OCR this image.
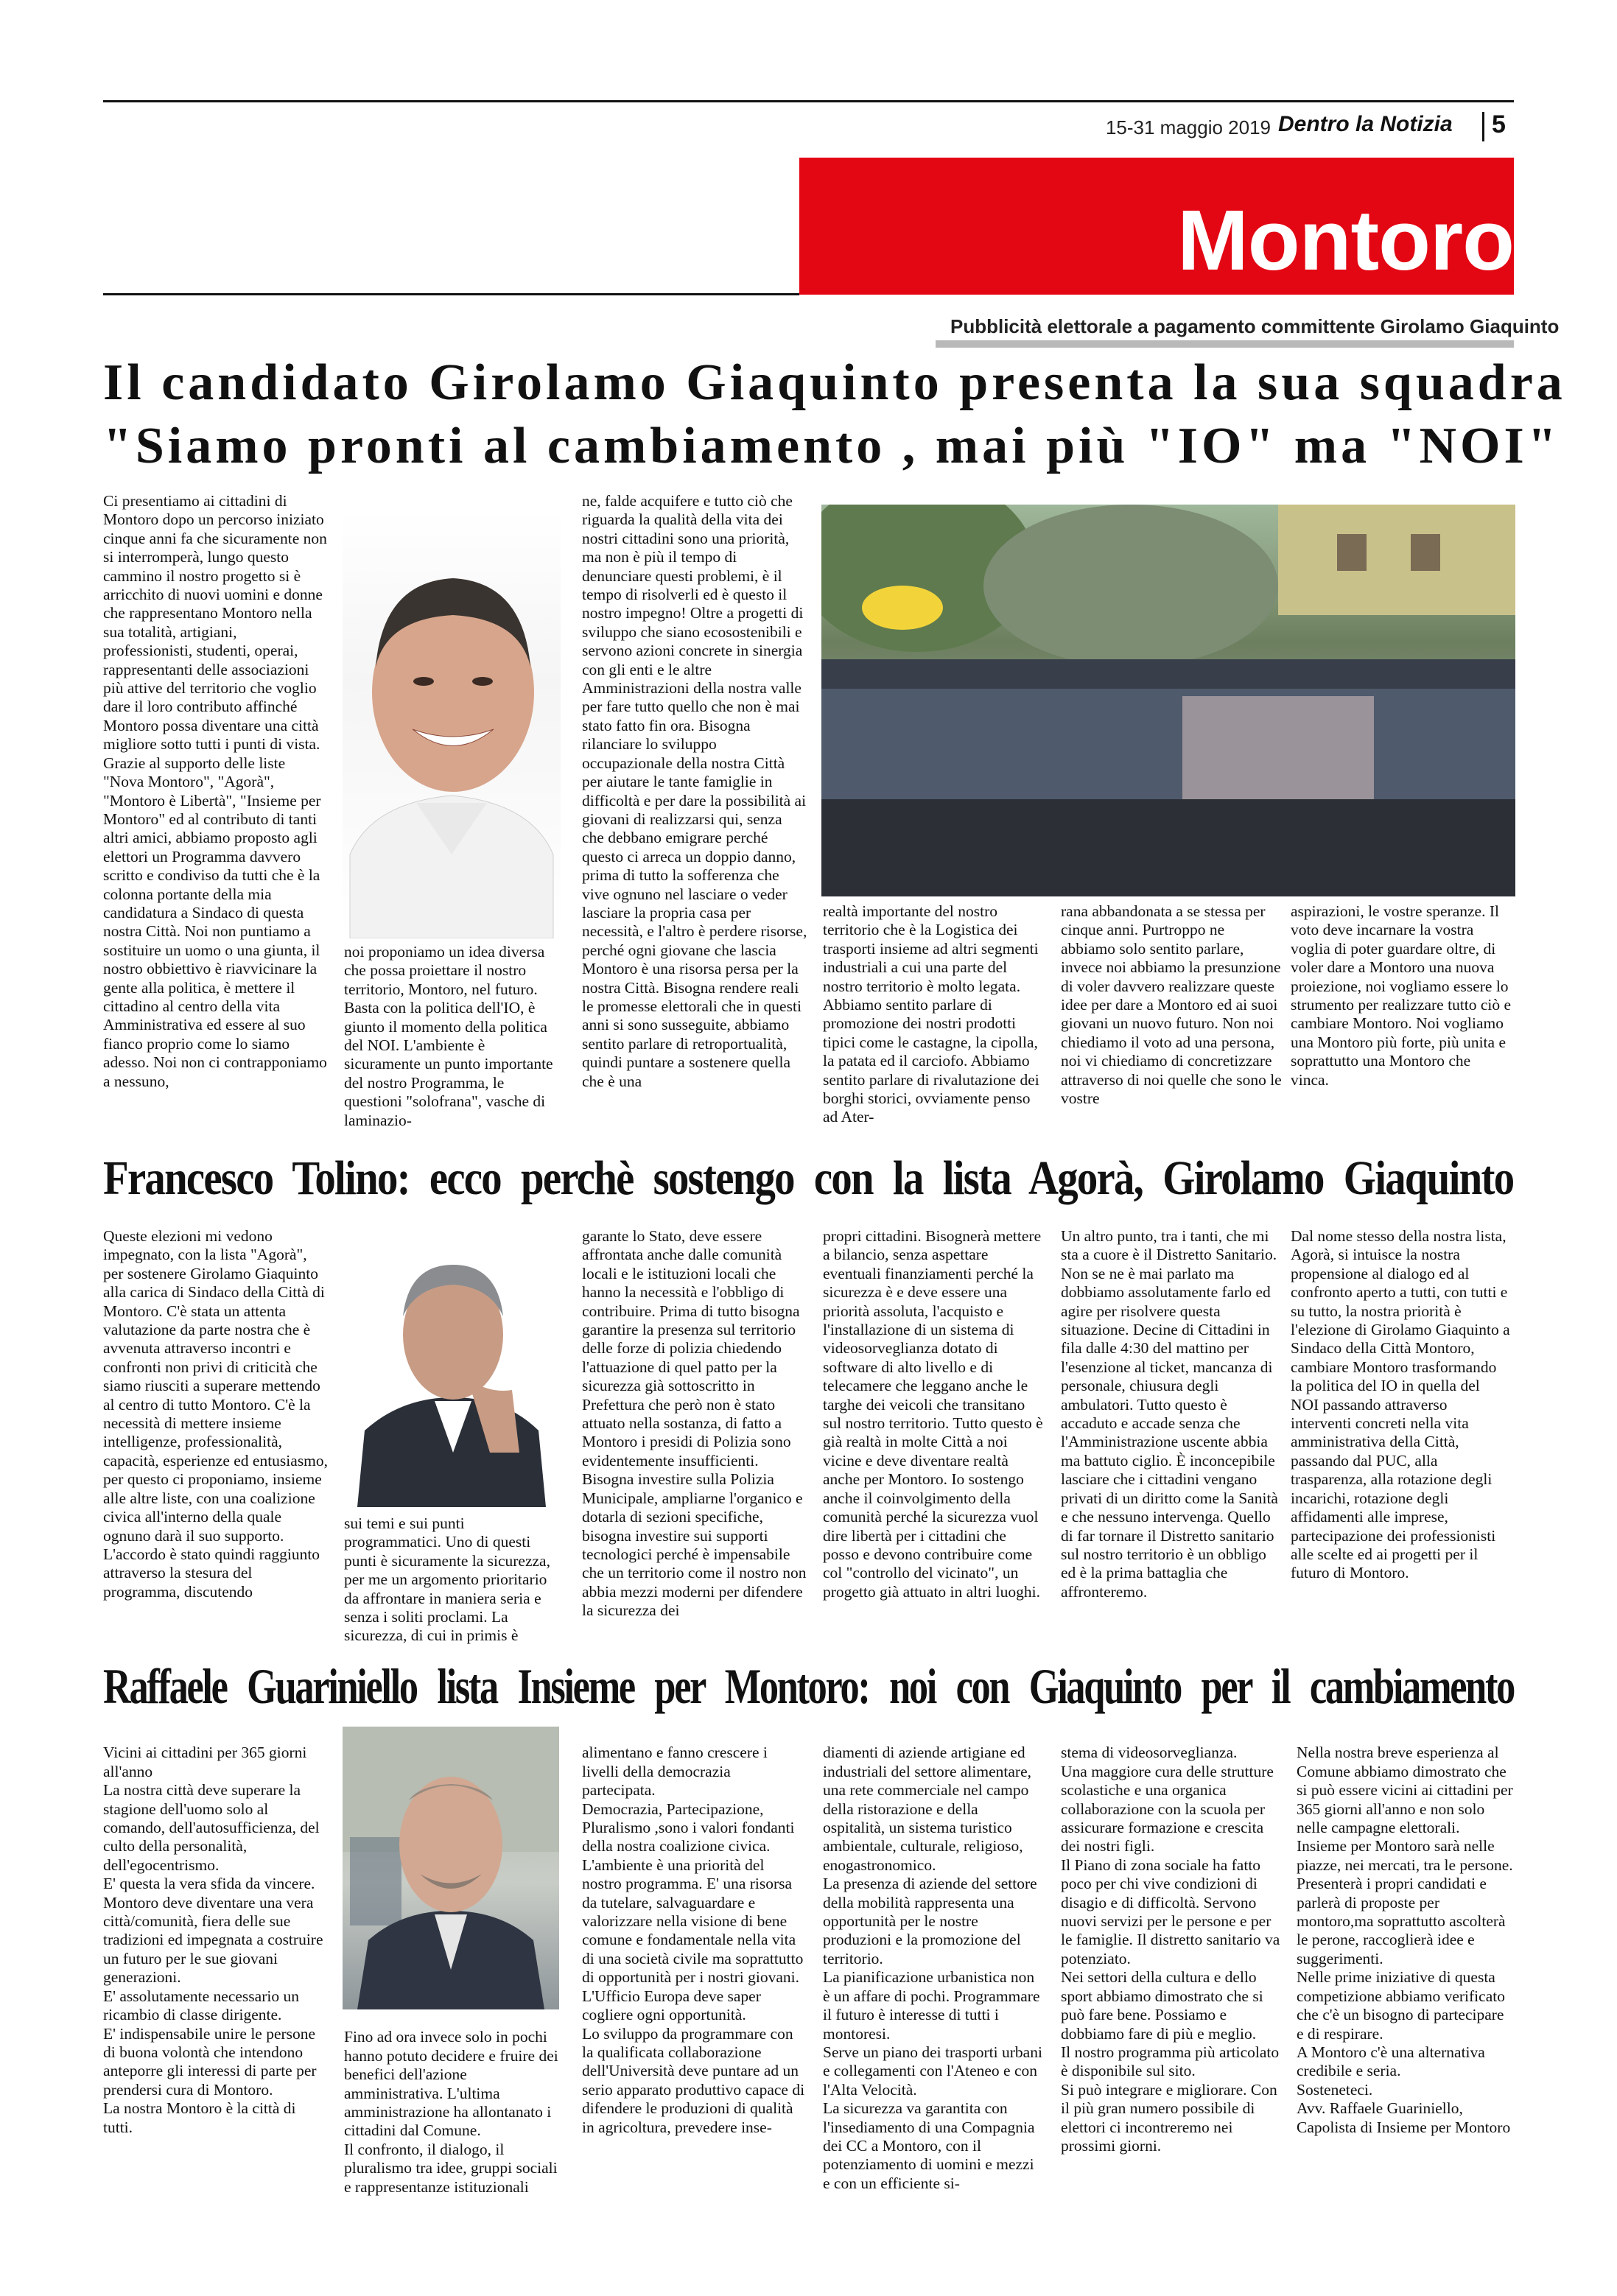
15-31 maggio 2019 Dentro la Notizia 5
Montoro
Pubblicità elettorale a pagamento committente Girolamo Giaquinto
Il candidato Girolamo Giaquinto presenta la sua squadra
"Siamo pronti al cambiamento , mai più "IO" ma "NOI"

Ci presentiamo ai cittadini di Montoro dopo un percorso iniziato cinque anni fa che sicuramente non si interromperà, lungo questo cammino il nostro progetto si è arricchito di nuovi uomini e donne che rappresentano Montoro nella sua totalità, artigiani, professionisti, studenti, operai, rappresentanti delle associazioni più attive del territorio che voglio dare il loro contributo affinché Montoro possa diventare una città migliore sotto tutti i punti di vista.

Grazie al supporto delle liste "Nova Montoro", "Agorà", "Montoro è Libertà", "Insieme per Montoro" ed al contributo di tanti altri amici, abbiamo proposto agli elettori un Programma davvero scritto e condiviso da tutti che è la colonna portante della mia candidatura a Sindaco di questa nostra Città. Noi non puntiamo a sostituire un uomo o una giunta, il nostro obbiettivo è riavvicinare la gente alla politica, è mettere il cittadino al centro della vita Amministrativa ed essere al suo fianco proprio come lo siamo adesso. Noi non ci contrapponiamo a nessuno,

noi proponiamo un idea diversa che possa proiettare il nostro territorio, Montoro, nel futuro. Basta con la politica dell'IO, è giunto il momento della politica del NOI. L'ambiente è sicuramente un punto importante del nostro Programma, le questioni "solofrana", vasche di laminazio-

ne, falde acquifere e tutto ciò che riguarda la qualità della vita dei nostri cittadini sono una priorità, ma non è più il tempo di denunciare questi problemi, è il tempo di risolverli ed è questo il nostro impegno! Oltre a progetti di sviluppo che siano ecosostenibili e servono azioni concrete in sinergia con gli enti e le altre Amministrazioni della nostra valle per fare tutto quello che non è mai stato fatto fin ora. Bisogna rilanciare lo sviluppo occupazionale della nostra Città per aiutare le tante famiglie in difficoltà e per dare la possibilità ai giovani di realizzarsi qui, senza che debbano emigrare perché questo ci arreca un doppio danno, prima di tutto la sofferenza che vive ognuno nel lasciare o veder lasciare la propria casa per necessità, e l'altro è perdere risorse, perché ogni giovane che lascia Montoro è una risorsa persa per la nostra Città. Bisogna rendere reali le promesse elettorali che in questi anni si sono susseguite, abbiamo sentito parlare di retroportualità, quindi puntare a sostenere quella che è una

realtà importante del nostro territorio che è la Logistica dei trasporti insieme ad altri segmenti industriali a cui una parte del nostro territorio è molto legata. Abbiamo sentito parlare di promozione dei nostri prodotti tipici come le castagne, la cipolla, la patata ed il carciofo. Abbiamo sentito parlare di rivalutazione dei borghi storici, ovviamente penso ad Ater-

rana abbandonata a se stessa per cinque anni. Purtroppo ne abbiamo solo sentito parlare, invece noi abbiamo la presunzione di voler davvero realizzare queste idee per dare a Montoro ed ai suoi giovani un nuovo futuro. Non noi chiediamo il voto ad una persona, noi vi chiediamo di concretizzare attraverso di noi quelle che sono le vostre

aspirazioni, le vostre speranze. Il voto deve incarnare la vostra voglia di poter guardare oltre, di voler dare a Montoro una nuova proiezione, noi vogliamo essere lo strumento per realizzare tutto ciò e cambiare Montoro. Noi vogliamo una Montoro più forte, più unita e soprattutto una Montoro che vinca.

Francesco Tolino: ecco perchè sostengo con la lista Agorà, Girolamo Giaquinto

Queste elezioni mi vedono impegnato, con la lista "Agorà", per sostenere Girolamo Giaquinto alla carica di Sindaco della Città di Montoro. C'è stata un attenta valutazione da parte nostra che è avvenuta attraverso incontri e confronti non privi di criticità che siamo riusciti a superare mettendo al centro di tutto Montoro. C'è la necessità di mettere insieme intelligenze, professionalità, capacità, esperienze ed entusiasmo, per questo ci proponiamo, insieme alle altre liste, con una coalizione civica all'interno della quale ognuno darà il suo supporto. L'accordo è stato quindi raggiunto attraverso la stesura del programma, discutendo

sui temi e sui punti programmatici. Uno di questi punti è sicuramente la sicurezza, per me un argomento prioritario da affrontare in maniera seria e senza i soliti proclami. La sicurezza, di cui in primis è

garante lo Stato, deve essere affrontata anche dalle comunità locali e le istituzioni locali che hanno la necessità e l'obbligo di contribuire. Prima di tutto bisogna garantire la presenza sul territorio delle forze di polizia chiedendo l'attuazione di quel patto per la sicurezza già sottoscritto in Prefettura che però non è stato attuato nella sostanza, di fatto a Montoro i presidi di Polizia sono evidentemente insufficienti. Bisogna investire sulla Polizia Municipale, ampliarne l'organico e dotarla di sezioni specifiche, bisogna investire sui supporti tecnologici perché è impensabile che un territorio come il nostro non abbia mezzi moderni per difendere la sicurezza dei

propri cittadini. Bisognerà mettere a bilancio, senza aspettare eventuali finanziamenti perché la sicurezza è e deve essere una priorità assoluta, l'acquisto e l'installazione di un sistema di videosorveglianza dotato di software di alto livello e di telecamere che leggano anche le targhe dei veicoli che transitano sul nostro territorio. Tutto questo è già realtà in molte Città a noi vicine e deve diventare realtà anche per Montoro. Io sostengo anche il coinvolgimento della comunità perché la sicurezza vuol dire libertà per i cittadini che posso e devono contribuire come col "controllo del vicinato", un progetto già attuato in altri luoghi.

Un altro punto, tra i tanti, che mi sta a cuore è il Distretto Sanitario. Non se ne è mai parlato ma dobbiamo assolutamente farlo ed agire per risolvere questa situazione. Decine di Cittadini in fila dalle 4:30 del mattino per l'esenzione al ticket, mancanza di personale, chiusura degli ambulatori. Tutto questo è accaduto e accade senza che l'Amministrazione uscente abbia ma battuto ciglio. È inconcepibile lasciare che i cittadini vengano privati di un diritto come la Sanità e che nessuno intervenga. Quello di far tornare il Distretto sanitario sul nostro territorio è un obbligo ed è la prima battaglia che affronteremo.

Dal nome stesso della nostra lista, Agorà, si intuisce la nostra propensione al dialogo ed al confronto aperto a tutti, con tutti e su tutto, la nostra priorità è l'elezione di Girolamo Giaquinto a Sindaco della Città Montoro, cambiare Montoro trasformando la politica del IO in quella del NOI passando attraverso interventi concreti nella vita amministrativa della Città, passando dal PUC, alla trasparenza, alla rotazione degli incarichi, rotazione degli affidamenti alle imprese, partecipazione dei professionisti alle scelte ed ai progetti per il futuro di Montoro.

Raffaele Guariniello lista Insieme per Montoro: noi con Giaquinto per il cambiamento

Vicini ai cittadini per 365 giorni all'anno
La nostra città deve superare la stagione dell'uomo solo al comando, dell'autosufficienza, del culto della personalità, dell'egocentrismo.
E' questa la vera sfida da vincere.
Montoro deve diventare una vera città/comunità, fiera delle sue tradizioni ed impegnata a costruire un futuro per le sue giovani generazioni.
E' assolutamente necessario un ricambio di classe dirigente.
E' indispensabile unire le persone di buona volontà che intendono anteporre gli interessi di parte per prendersi cura di Montoro.
La nostra Montoro è la città di tutti.

Fino ad ora invece solo in pochi hanno potuto decidere e fruire dei benefici dell'azione amministrativa. L'ultima amministrazione ha allontanato i cittadini dal Comune.
Il confronto, il dialogo, il pluralismo tra idee, gruppi sociali e rappresentanze istituzionali

alimentano e fanno crescere i livelli della democrazia partecipata.
Democrazia, Partecipazione, Pluralismo ,sono i valori fondanti della nostra coalizione civica.
L'ambiente è una priorità del nostro programma. E' una risorsa da tutelare, salvaguardare e valorizzare nella visione di bene comune e fondamentale nella vita di una società civile ma soprattutto di opportunità per i nostri giovani.
L'Ufficio Europa deve saper cogliere ogni opportunità.
Lo sviluppo da programmare con la qualificata collaborazione dell'Università deve puntare ad un serio apparato produttivo capace di difendere le produzioni di qualità in agricoltura, prevedere inse-

diamenti di aziende artigiane ed industriali del settore alimentare, una rete commerciale nel campo della ristorazione e della ospitalità, un sistema turistico ambientale, culturale, religioso, enogastronomico.
La presenza di aziende del settore della mobilità rappresenta una opportunità per le nostre produzioni e la promozione del territorio.
La pianificazione urbanistica non è un affare di pochi. Programmare il futuro è interesse di tutti i montoresi.
Serve un piano dei trasporti urbani e collegamenti con l'Ateneo e con l'Alta Velocità.
La sicurezza va garantita con l'insediamento di una Compagnia dei CC a Montoro, con il potenziamento di uomini e mezzi e con un efficiente si-

stema di videosorveglianza.
Una maggiore cura delle strutture scolastiche e una organica collaborazione con la scuola per assicurare formazione e crescita dei nostri figli.
Il Piano di zona sociale ha fatto poco per chi vive condizioni di disagio e di difficoltà. Servono nuovi servizi per le persone e per le famiglie. Il distretto sanitario va potenziato.
Nei settori della cultura e dello sport abbiamo dimostrato che si può fare bene. Possiamo e dobbiamo fare di più e meglio.
Il nostro programma più articolato è disponibile sul sito.
Si può integrare e migliorare. Con il più gran numero possibile di elettori ci incontreremo nei prossimi giorni.

Nella nostra breve esperienza al Comune abbiamo dimostrato che si può essere vicini ai cittadini per 365 giorni all'anno e non solo nelle campagne elettorali.
Insieme per Montoro sarà nelle piazze, nei mercati, tra le persone.
Presenterà i propri candidati e parlerà di proposte per montoro,ma soprattutto ascolterà le perone, raccoglierà idee e suggerimenti.
Nelle prime iniziative di questa competizione abbiamo verificato che c'è un bisogno di partecipare e di respirare.
A Montoro c'è una alternativa credibile e seria.
Sosteneteci.
Avv. Raffaele Guariniello,
Capolista di Insieme per Montoro
